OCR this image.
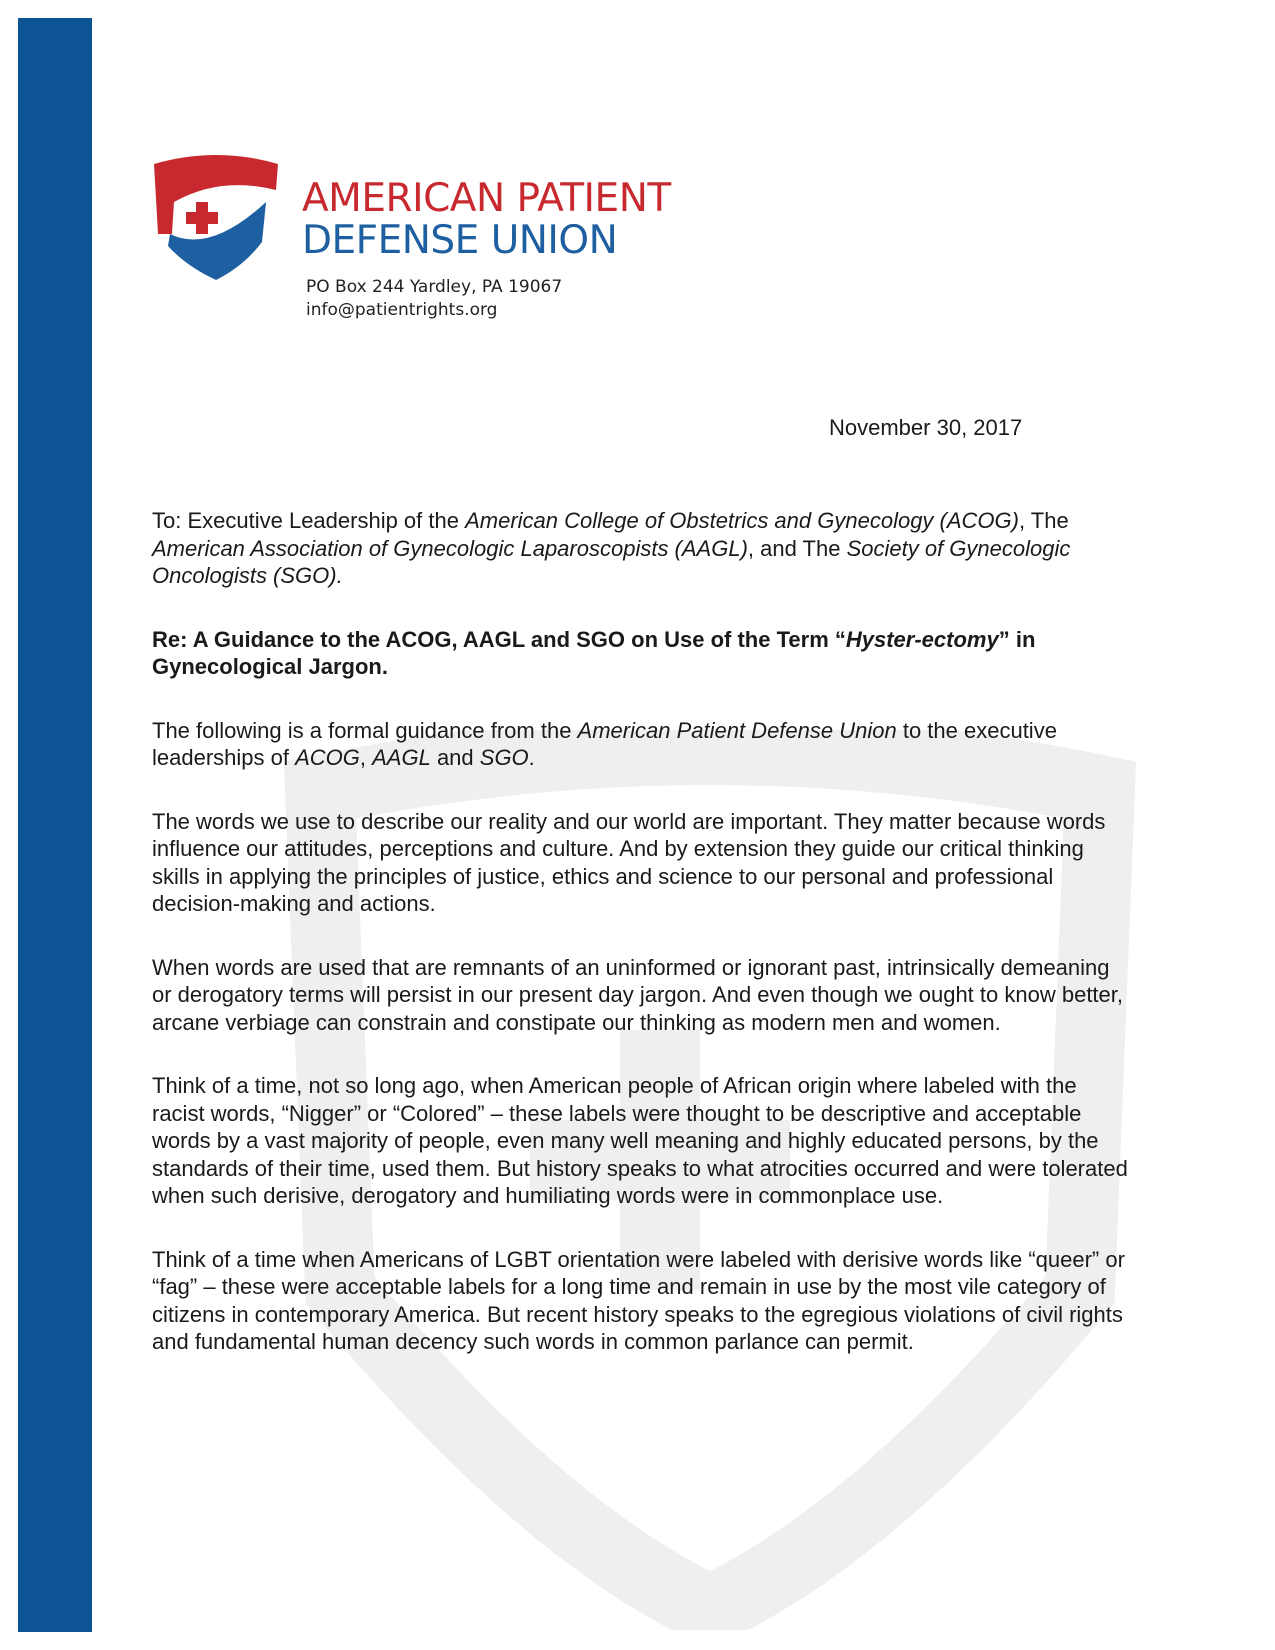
AMERICAN PATIENT
DEFENSE UNION
PO Box 244 Yardley, PA 19067
info@patientrights.org
November 30, 2017

To: Executive Leadership of the American College of Obstetrics and Gynecology (ACOG), The American Association of Gynecologic Laparoscopists (AAGL), and The Society of Gynecologic Oncologists (SGO).

Re: A Guidance to the ACOG, AAGL and SGO on Use of the Term “Hyster-ectomy” in Gynecological Jargon.

The following is a formal guidance from the American Patient Defense Union to the executive leaderships of ACOG, AAGL and SGO.

The words we use to describe our reality and our world are important. They matter because words influence our attitudes, perceptions and culture. And by extension they guide our critical thinking skills in applying the principles of justice, ethics and science to our personal and professional decision-making and actions.

When words are used that are remnants of an uninformed or ignorant past, intrinsically demeaning or derogatory terms will persist in our present day jargon. And even though we ought to know better, arcane verbiage can constrain and constipate our thinking as modern men and women.

Think of a time, not so long ago, when American people of African origin where labeled with the racist words, “Nigger” or “Colored” – these labels were thought to be descriptive and acceptable words by a vast majority of people, even many well meaning and highly educated persons, by the standards of their time, used them. But history speaks to what atrocities occurred and were tolerated when such derisive, derogatory and humiliating words were in commonplace use.

Think of a time when Americans of LGBT orientation were labeled with derisive words like “queer” or “fag” – these were acceptable labels for a long time and remain in use by the most vile category of citizens in contemporary America. But recent history speaks to the egregious violations of civil rights and fundamental human decency such words in common parlance can permit.
